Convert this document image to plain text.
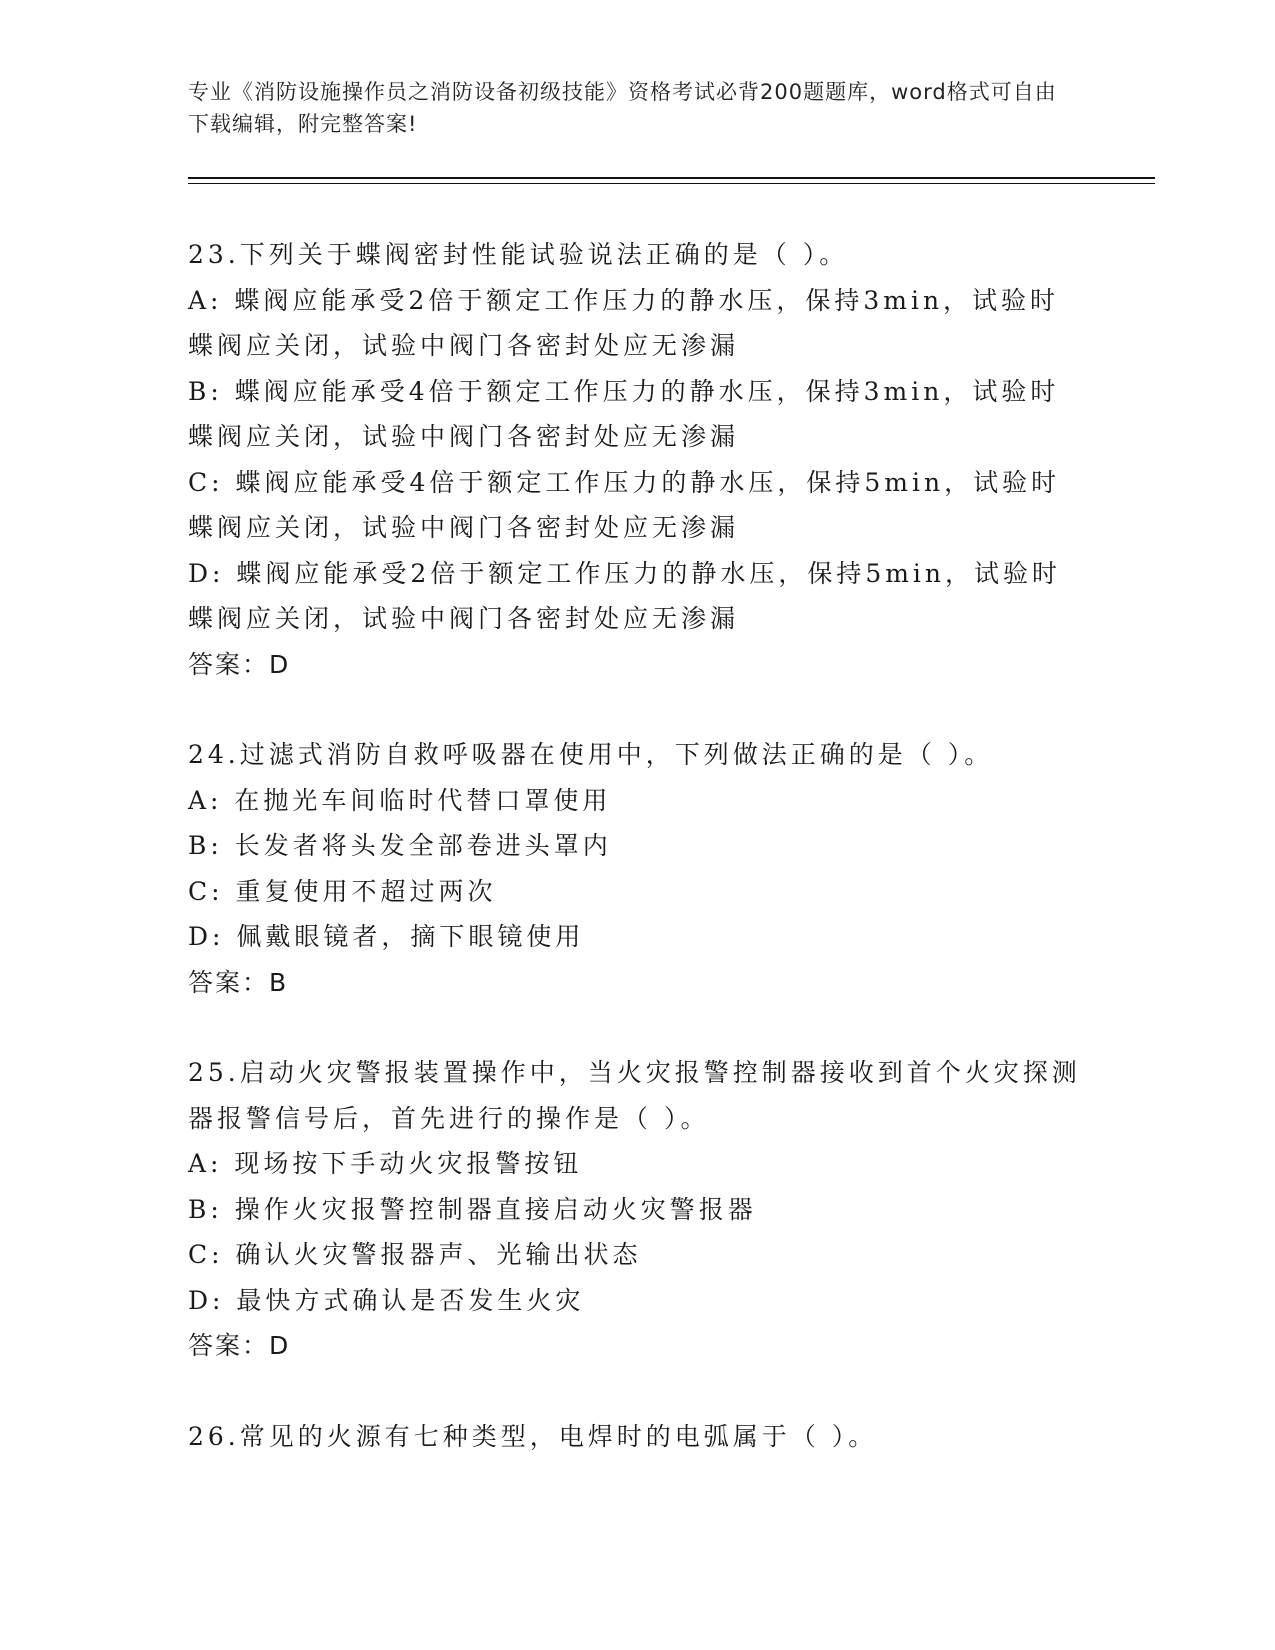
专业《消防设施操作员之消防设备初级技能》资格考试必背200题题库，word格式可自由下载编辑，附完整答案!
23.下列关于蝶阀密封性能试验说法正确的是（ ）。
A: 蝶阀应能承受2倍于额定工作压力的静水压，保持3min，试验时蝶阀应关闭，试验中阀门各密封处应无渗漏
B: 蝶阀应能承受4倍于额定工作压力的静水压，保持3min，试验时蝶阀应关闭，试验中阀门各密封处应无渗漏
C: 蝶阀应能承受4倍于额定工作压力的静水压，保持5min，试验时蝶阀应关闭，试验中阀门各密封处应无渗漏
D: 蝶阀应能承受2倍于额定工作压力的静水压，保持5min，试验时蝶阀应关闭，试验中阀门各密封处应无渗漏
答案：D
24.过滤式消防自救呼吸器在使用中，下列做法正确的是（ ）。
A: 在抛光车间临时代替口罩使用
B: 长发者将头发全部卷进头罩内
C: 重复使用不超过两次
D: 佩戴眼镜者，摘下眼镜使用
答案：B
25.启动火灾警报装置操作中，当火灾报警控制器接收到首个火灾探测器报警信号后，首先进行的操作是（ ）。
A: 现场按下手动火灾报警按钮
B: 操作火灾报警控制器直接启动火灾警报器
C: 确认火灾警报器声、光输出状态
D: 最快方式确认是否发生火灾
答案：D
26.常见的火源有七种类型，电焊时的电弧属于（ ）。
